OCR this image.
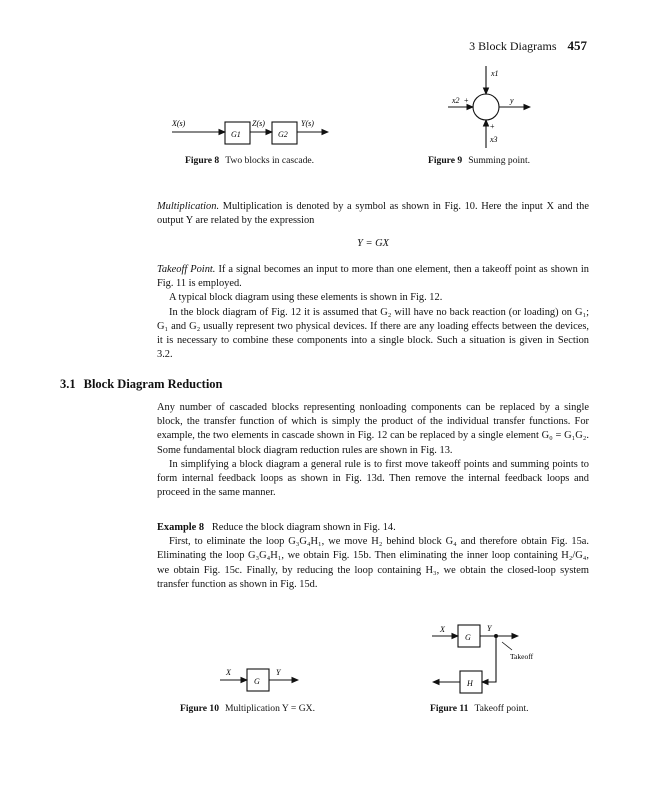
3 Block Diagrams 457
X(s)
G1
Z(s)
G2
Y(s)
Figure 8 Two blocks in cascade.
x1
x2 +	y
+
x3
Figure 9 Summing point.

Multiplication. Multiplication is denoted by a symbol as shown in Fig. 10. Here the input X and the output Y are related by the expression

Y = GX

Takeoff Point. If a signal becomes an input to more than one element, then a takeoff point as shown in Fig. 11 is employed.

A typical block diagram using these elements is shown in Fig. 12.

In the block diagram of Fig. 12 it is assumed that G₂ will have no back reaction (or loading) on G₁; G₁ and G₂ usually represent two physical devices. If there are any loading effects between the devices, it is necessary to combine these components into a single block. Such a situation is given in Section 3.2.

3.1 Block Diagram Reduction

Any number of cascaded blocks representing nonloading components can be replaced by a single block, the transfer function of which is simply the product of the individual transfer functions. For example, the two elements in cascade shown in Fig. 12 can be replaced by a single element G₀ = G₁G₂. Some fundamental block diagram reduction rules are shown in Fig. 13.

In simplifying a block diagram a general rule is to first move takeoff points and summing points to form internal feedback loops as shown in Fig. 13d. Then remove the internal feedback loops and proceed in the same manner.

Example 8 Reduce the block diagram shown in Fig. 14.

First, to eliminate the loop G₃G₄H₁, we move H₂ behind block G₄ and therefore obtain Fig. 15a. Eliminating the loop G₃G₄H₁, we obtain Fig. 15b. Then eliminating the inner loop containing H₂/G₄, we obtain Fig. 15c. Finally, by reducing the loop containing H₃, we obtain the closed-loop system transfer function as shown in Fig. 15d.

X
G
Y
Figure 10 Multiplication Y = GX.
X
G
Y
Takeoff
H
Figure 11 Takeoff point.
